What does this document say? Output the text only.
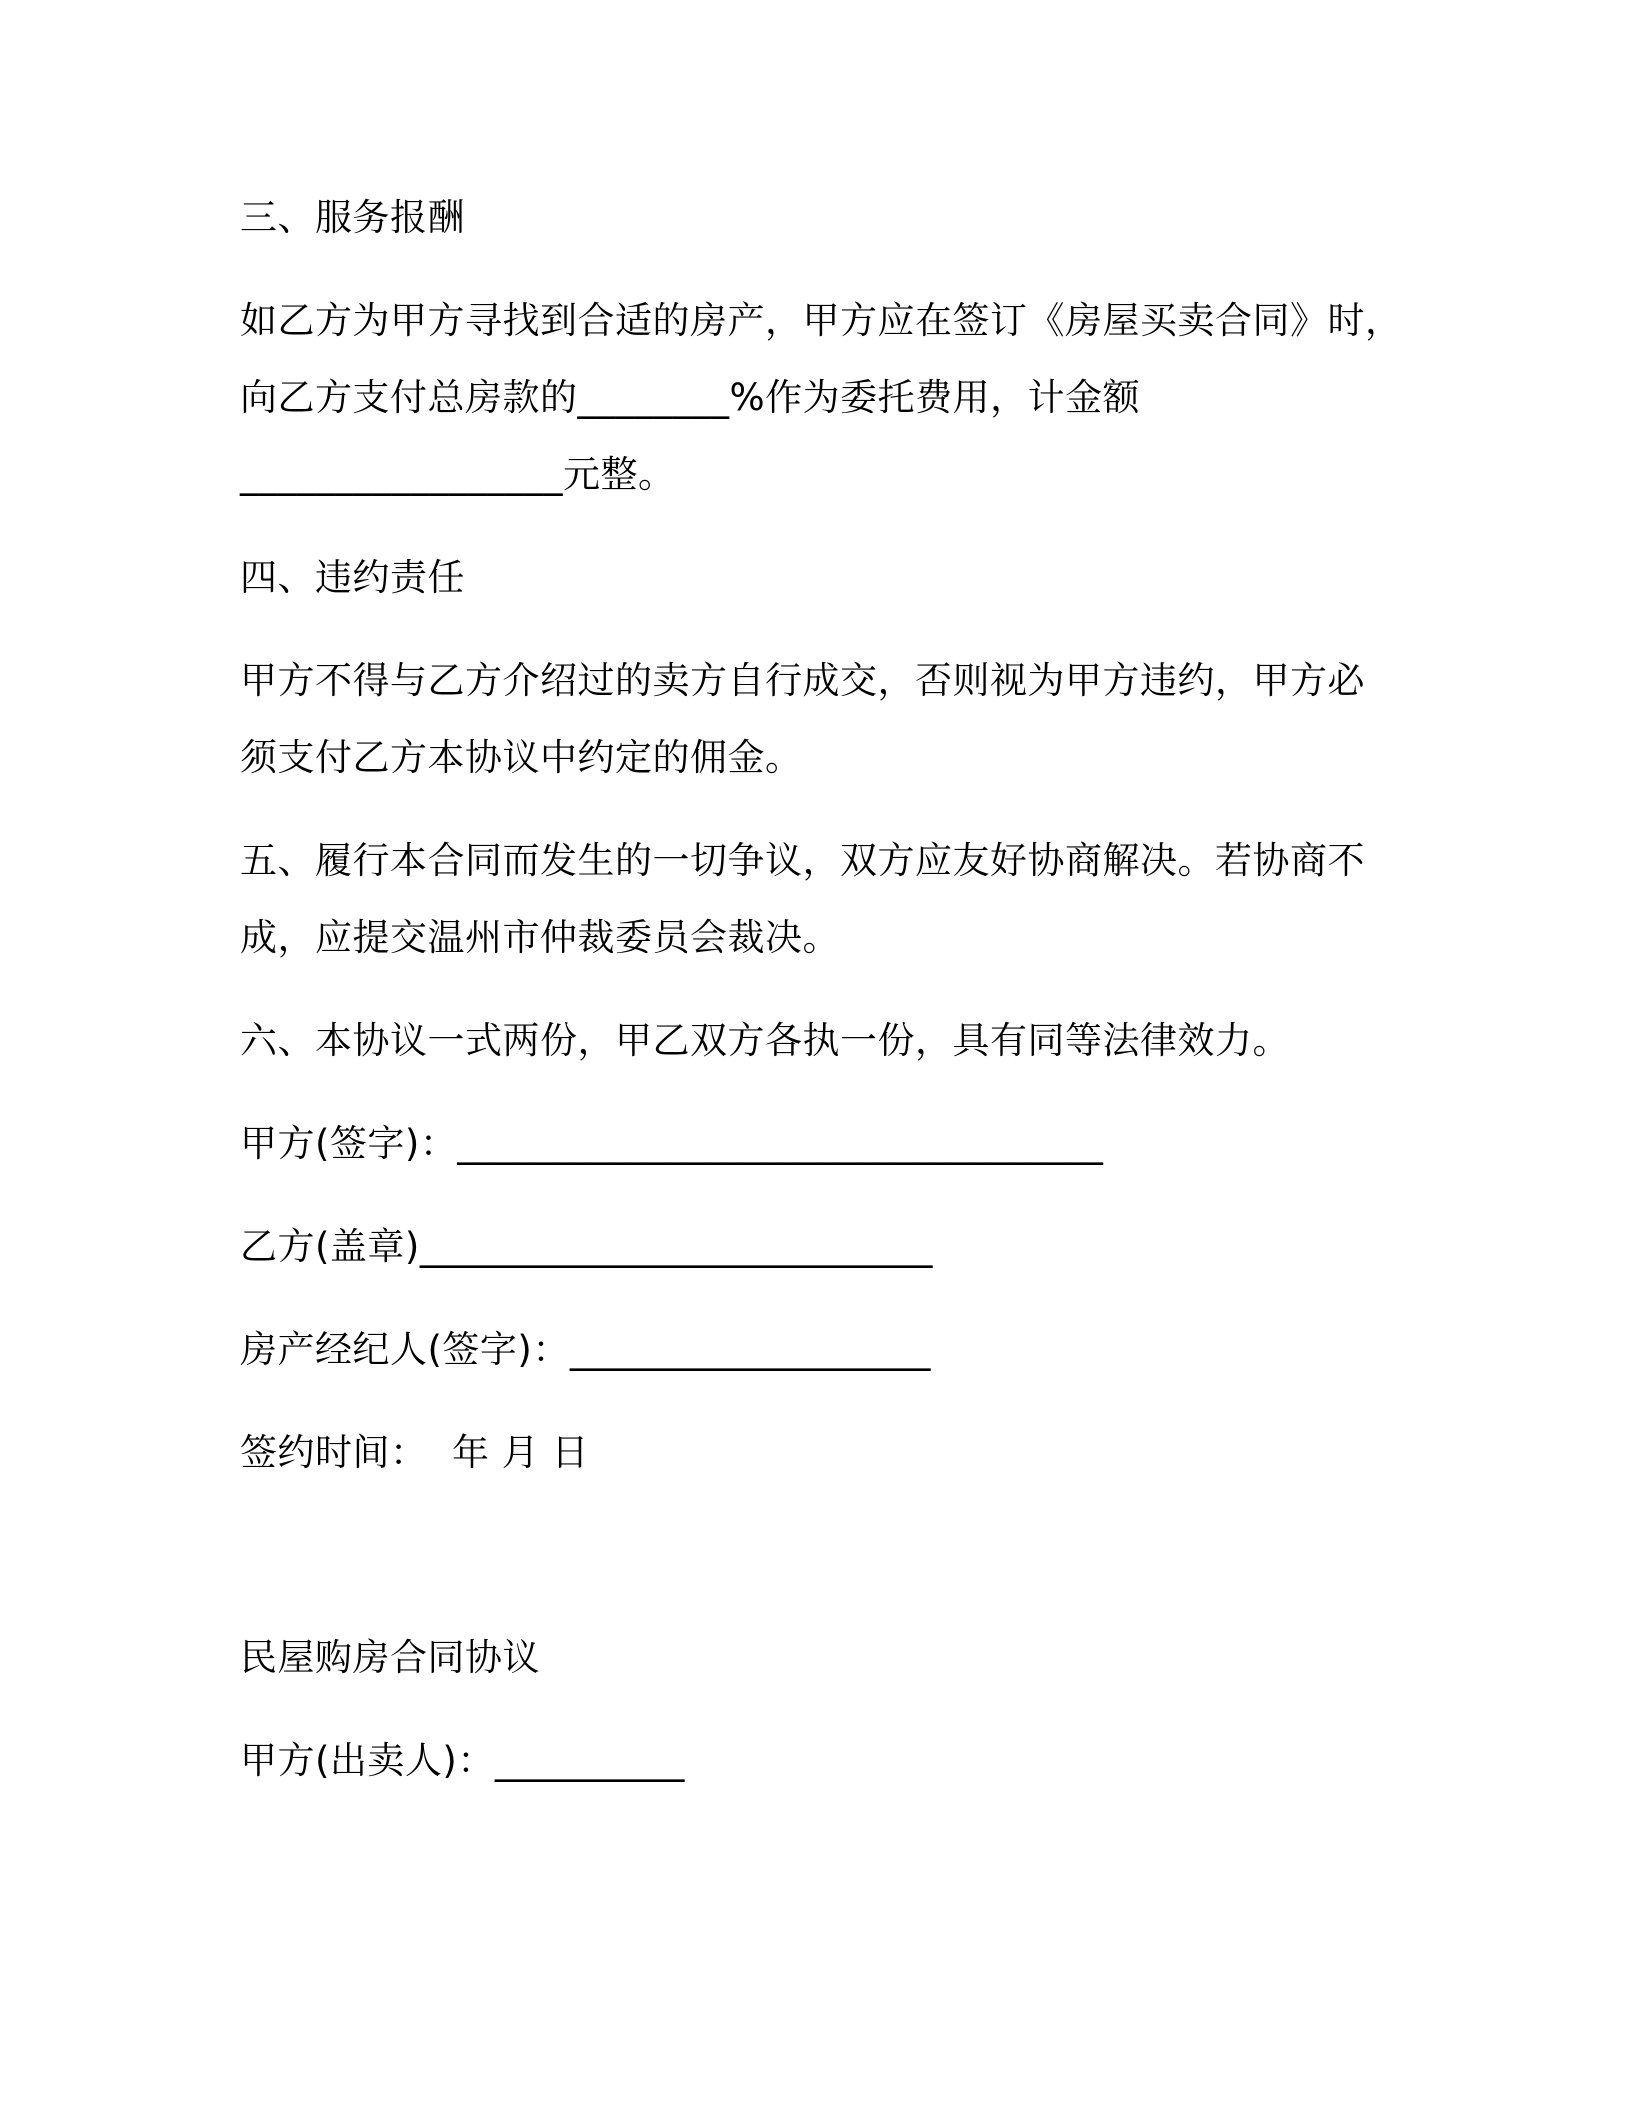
三、服务报酬

如乙方为甲方寻找到合适的房产，甲方应在签订《房屋买卖合同》时，

向乙方支付总房款的________%作为委托费用，计金额

_________________元整。

四、违约责任

甲方不得与乙方介绍过的卖方自行成交，否则视为甲方违约，甲方必

须支付乙方本协议中约定的佣金。

五、履行本合同而发生的一切争议，双方应友好协商解决。若协商不

成，应提交温州市仲裁委员会裁决。

六、本协议一式两份，甲乙双方各执一份，具有同等法律效力。

甲方(签字)：__________________________________

乙方(盖章)___________________________

房产经纪人(签字)：___________________

签约时间：  年 月 日

民屋购房合同协议

甲方(出卖人)：__________
